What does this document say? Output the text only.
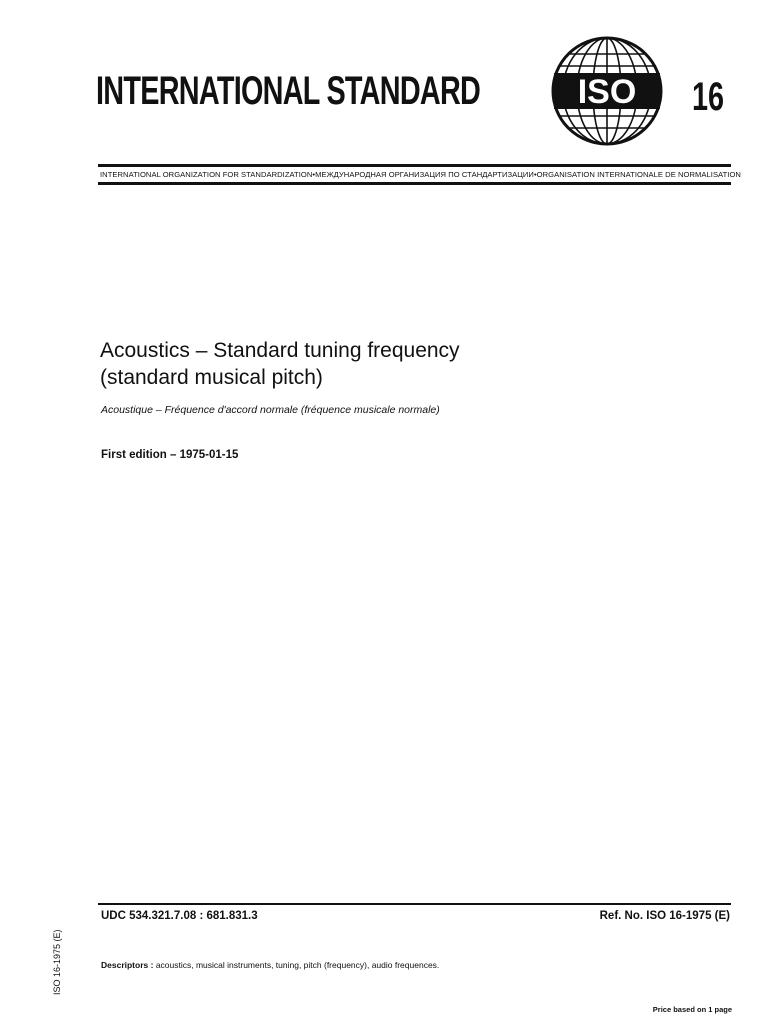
INTERNATIONAL STANDARD	ISO 16
INTERNATIONAL ORGANIZATION FOR STANDARDIZATION•МЕЖДУНАРОДНАЯ ОРГАНИЗАЦИЯ ПО СТАНДАРТИЗАЦИИ•ORGANISATION INTERNATIONALE DE NORMALISATION
Acoustics – Standard tuning frequency
(standard musical pitch)
Acoustique – Fréquence d'accord normale (fréquence musicale normale)
First edition – 1975-01-15
UDC 534.321.7.08 : 681.831.3	Ref. No. ISO 16-1975 (E)
Descriptors : acoustics, musical instruments, tuning, pitch (frequency), audio frequences.
ISO 16-1975 (E)
Price based on 1 page
